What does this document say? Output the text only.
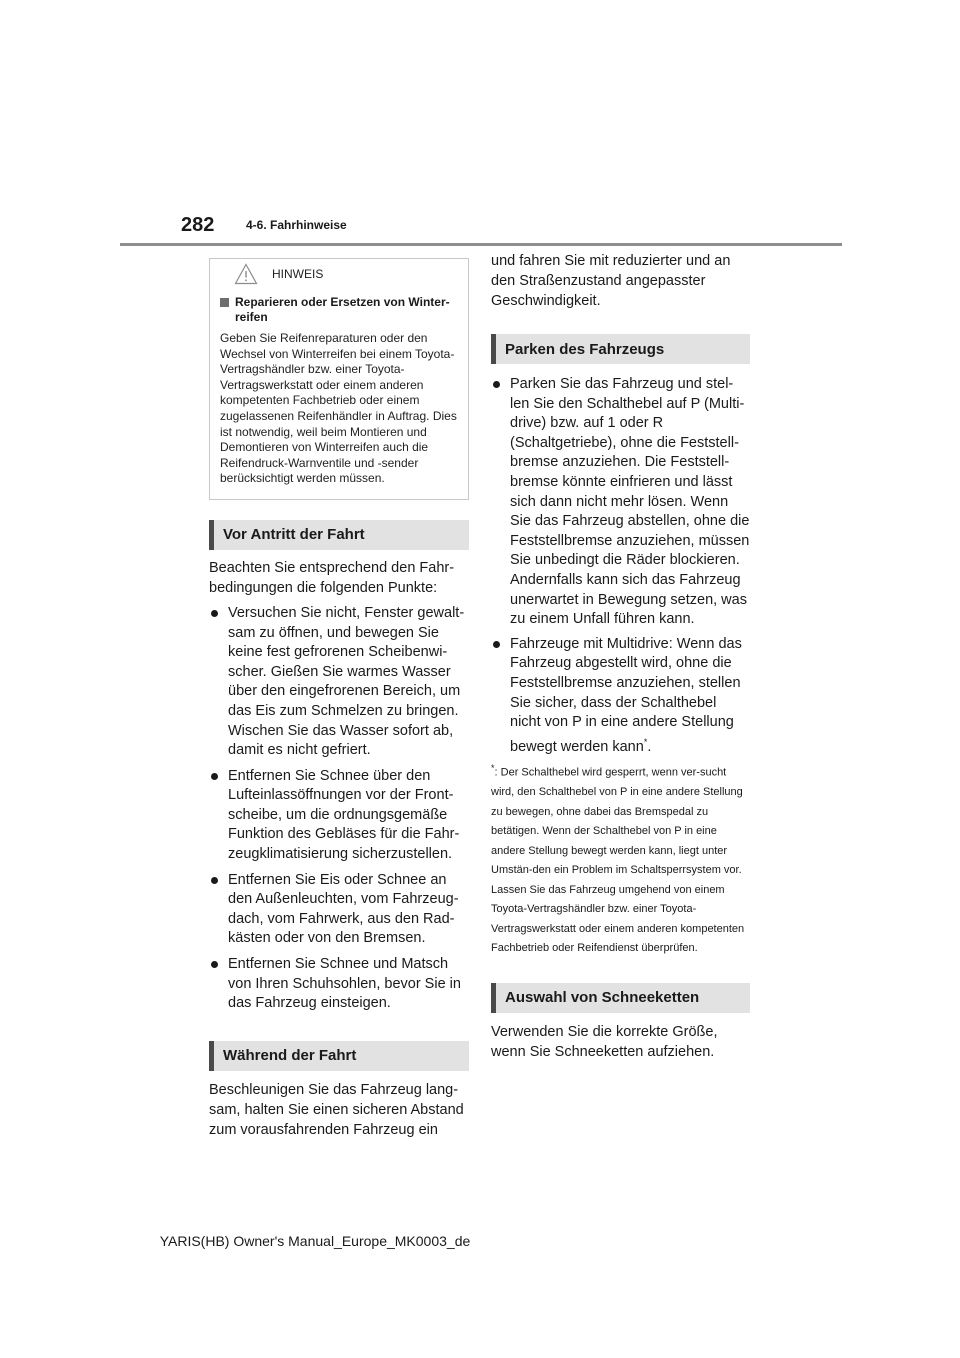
282	4-6. Fahrhinweise
HINWEIS

Reparieren oder Ersetzen von Winter-reifen

Geben Sie Reifenreparaturen oder den Wechsel von Winterreifen bei einem Toyota-Vertragshändler bzw. einer Toyota-Vertragswerkstatt oder einem anderen kompetenten Fachbetrieb oder einem zugelassenen Reifenhändler in Auftrag. Dies ist notwendig, weil beim Montieren und Demontieren von Winterreifen auch die Reifendruck-Warnventile und -sender berücksichtigt werden müssen.

Vor Antritt der Fahrt

Beachten Sie entsprechend den Fahr-bedingungen die folgenden Punkte:

Versuchen Sie nicht, Fenster gewalt-sam zu öffnen, und bewegen Sie keine fest gefrorenen Scheibenwi-scher. Gießen Sie warmes Wasser über den eingefrorenen Bereich, um das Eis zum Schmelzen zu bringen. Wischen Sie das Wasser sofort ab, damit es nicht gefriert.
Entfernen Sie Schnee über den Lufteinlassöffnungen vor der Front-scheibe, um die ordnungsgemäße Funktion des Gebläses für die Fahr-zeugklimatisierung sicherzustellen.
Entfernen Sie Eis oder Schnee an den Außenleuchten, vom Fahrzeug-dach, vom Fahrwerk, aus den Rad-kästen oder von den Bremsen.
Entfernen Sie Schnee und Matsch von Ihren Schuhsohlen, bevor Sie in das Fahrzeug einsteigen.
Während der Fahrt

Beschleunigen Sie das Fahrzeug lang-sam, halten Sie einen sicheren Abstand zum vorausfahrenden Fahrzeug ein

und fahren Sie mit reduzierter und an den Straßenzustand angepasster Geschwindigkeit.

Parken des Fahrzeugs
Parken Sie das Fahrzeug und stel-len Sie den Schalthebel auf P (Multi-drive) bzw. auf 1 oder R (Schaltgetriebe), ohne die Feststell-bremse anzuziehen. Die Feststell-bremse könnte einfrieren und lässt sich dann nicht mehr lösen. Wenn Sie das Fahrzeug abstellen, ohne die Feststellbremse anzuziehen, müssen Sie unbedingt die Räder blockieren.
Andernfalls kann sich das Fahrzeug unerwartet in Bewegung setzen, was zu einem Unfall führen kann.
Fahrzeuge mit Multidrive: Wenn das Fahrzeug abgestellt wird, ohne die Feststellbremse anzuziehen, stellen Sie sicher, dass der Schalthebel nicht von P in eine andere Stellung bewegt werden kann*.

*: Der Schalthebel wird gesperrt, wenn ver-sucht wird, den Schalthebel von P in eine andere Stellung zu bewegen, ohne dabei das Bremspedal zu betätigen. Wenn der Schalthebel von P in eine andere Stellung bewegt werden kann, liegt unter Umstän-den ein Problem im Schaltsperrsystem vor. Lassen Sie das Fahrzeug umgehend von einem Toyota-Vertragshändler bzw. einer Toyota-Vertragswerkstatt oder einem anderen kompetenten Fachbetrieb oder Reifendienst überprüfen.

Auswahl von Schneeketten

Verwenden Sie die korrekte Größe, wenn Sie Schneeketten aufziehen.

YARIS(HB) Owner's Manual_Europe_MK0003_de
